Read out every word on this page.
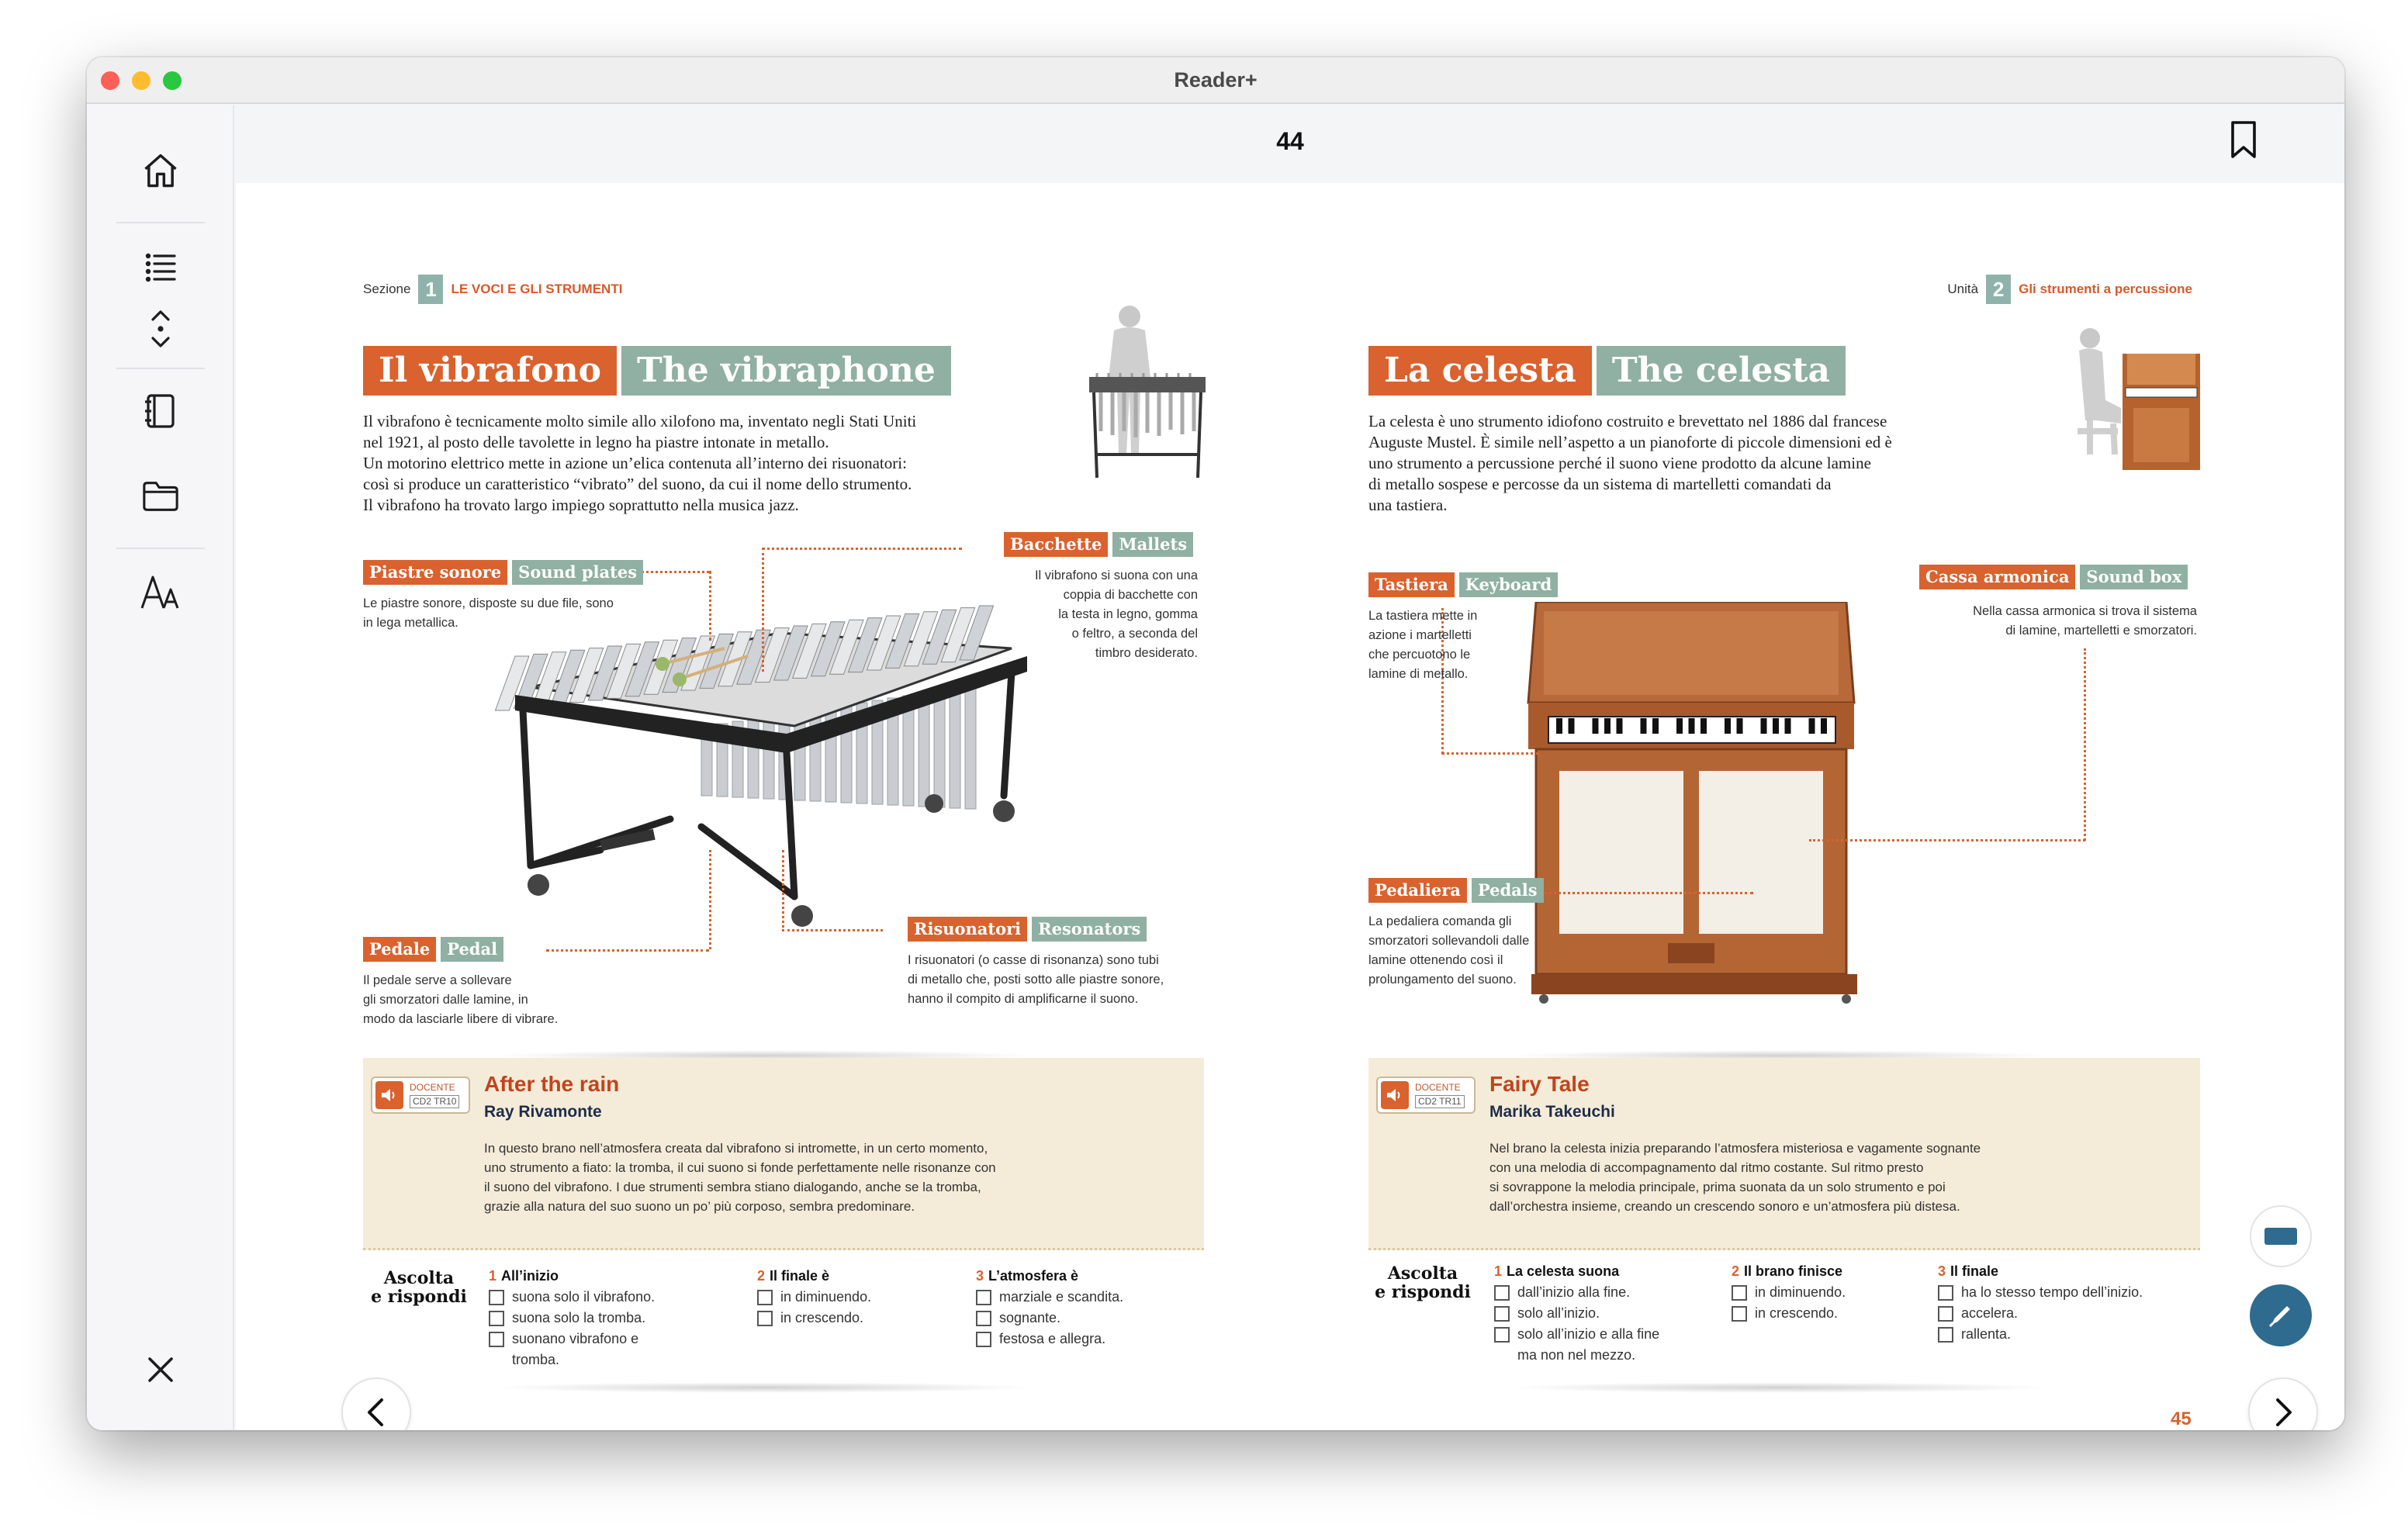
Reader+
44
Sezione 1	LE VOCI E GLI STRUMENTI
Il vibrafono	The vibraphone
Il vibrafono è tecnicamente molto simile allo xilofono ma, inventato negli Stati Uniti
nel 1921, al posto delle tavolette in legno ha piastre intonate in metallo.
Un motorino elettrico mette in azione un’elica contenuta all’interno dei risuonatori:
così si produce un caratteristico “vibrato” del suono, da cui il nome dello strumento.
Il vibrafono ha trovato largo impiego soprattutto nella musica jazz.
Piastre sonore	Sound plates
Le piastre sonore, disposte su due file, sono
in lega metallica.
Bacchette	Mallets
Il vibrafono si suona con una
coppia di bacchette con
la testa in legno, gomma
o feltro, a seconda del
timbro desiderato.
Pedale	Pedal
Il pedale serve a sollevare
gli smorzatori dalle lamine, in
modo da lasciarle libere di vibrare.
Risuonatori	Resonators
I risuonatori (o casse di risonanza) sono tubi
di metallo che, posti sotto alle piastre sonore,
hanno il compito di amplificarne il suono.
DOCENTE
CD2 TR10
After the rain
Ray Rivamonte
In questo brano nell’atmosfera creata dal vibrafono si intromette, in un certo momento,
uno strumento a fiato: la tromba, il cui suono si fonde perfettamente nelle risonanze con
il suono del vibrafono. I due strumenti sembra stiano dialogando, anche se la tromba,
grazie alla natura del suo suono un po’ più corposo, sembra predominare.
Ascolta
e rispondi
1 All’inizio
suona solo il vibrafono.
suona solo la tromba.
suonano vibrafono e
tromba.
2 Il finale è
in diminuendo.
in crescendo.
3 L’atmosfera è
marziale e scandita.
sognante.
festosa e allegra.
Unità 2	Gli strumenti a percussione
La celesta	The celesta
La celesta è uno strumento idiofono costruito e brevettato nel 1886 dal francese
Auguste Mustel. È simile nell’aspetto a un pianoforte di piccole dimensioni ed è
uno strumento a percussione perché il suono viene prodotto da alcune lamine
di metallo sospese e percosse da un sistema di martelletti comandati da
una tastiera.
Tastiera	Keyboard
La tastiera mette in
azione i martelletti
che percuotono le
lamine di metallo.
Cassa armonica	Sound box
Nella cassa armonica si trova il sistema
di lamine, martelletti e smorzatori.
Pedaliera	Pedals
La pedaliera comanda gli
smorzatori sollevandoli dalle
lamine ottenendo così il
prolungamento del suono.
DOCENTE
CD2 TR11
Fairy Tale
Marika Takeuchi
Nel brano la celesta inizia preparando l’atmosfera misteriosa e vagamente sognante
con una melodia di accompagnamento dal ritmo costante. Sul ritmo presto
si sovrappone la melodia principale, prima suonata da un solo strumento e poi
dall’orchestra insieme, creando un crescendo sonoro e un’atmosfera più distesa.
Ascolta
e rispondi
1 La celesta suona
dall’inizio alla fine.
solo all’inizio.
solo all’inizio e alla fine
ma non nel mezzo.
2 Il brano finisce
in diminuendo.
in crescendo.
3 Il finale
ha lo stesso tempo dell’inizio.
accelera.
rallenta.
45
